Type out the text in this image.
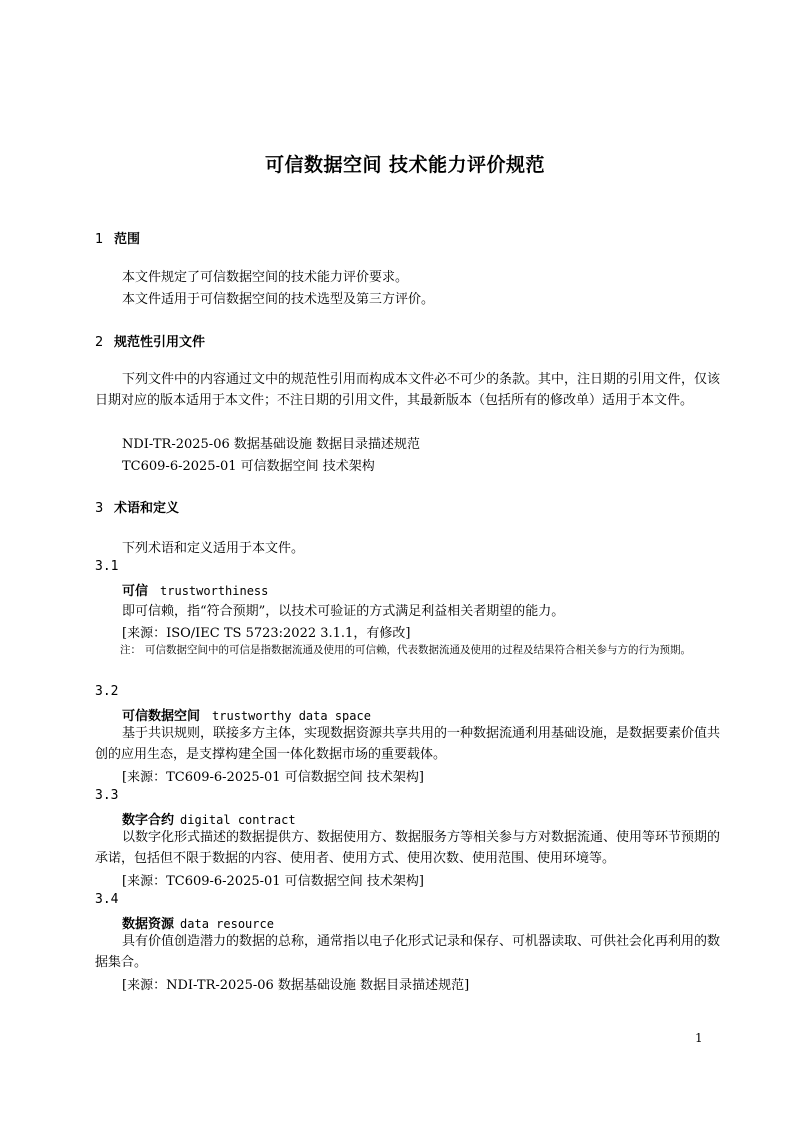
可信数据空间 技术能力评价规范
1 范围
本文件规定了可信数据空间的技术能力评价要求。
本文件适用于可信数据空间的技术选型及第三方评价。
2 规范性引用文件
下列文件中的内容通过文中的规范性引用而构成本文件必不可少的条款。其中，注日期的引用文件，仅该日期对应的版本适用于本文件；不注日期的引用文件，其最新版本（包括所有的修改单）适用于本文件。
NDI-TR-2025-06 数据基础设施 数据目录描述规范
TC609-6-2025-01 可信数据空间 技术架构
3 术语和定义
下列术语和定义适用于本文件。
3.1
可信 trustworthiness
即可信赖，指“符合预期”，以技术可验证的方式满足利益相关者期望的能力。
[来源：ISO/IEC TS 5723:2022 3.1.1，有修改]
注： 可信数据空间中的可信是指数据流通及使用的可信赖，代表数据流通及使用的过程及结果符合相关参与方的行为预期。
3.2
可信数据空间 trustworthy data space
基于共识规则，联接多方主体，实现数据资源共享共用的一种数据流通利用基础设施，是数据要素价值共创的应用生态，是支撑构建全国一体化数据市场的重要载体。
[来源：TC609-6-2025-01 可信数据空间 技术架构]
3.3
数字合约 digital contract
以数字化形式描述的数据提供方、数据使用方、数据服务方等相关参与方对数据流通、使用等环节预期的承诺，包括但不限于数据的内容、使用者、使用方式、使用次数、使用范围、使用环境等。
[来源：TC609-6-2025-01 可信数据空间 技术架构]
3.4
数据资源 data resource
具有价值创造潜力的数据的总称，通常指以电子化形式记录和保存、可机器读取、可供社会化再利用的数据集合。
[来源：NDI-TR-2025-06 数据基础设施 数据目录描述规范]
1
